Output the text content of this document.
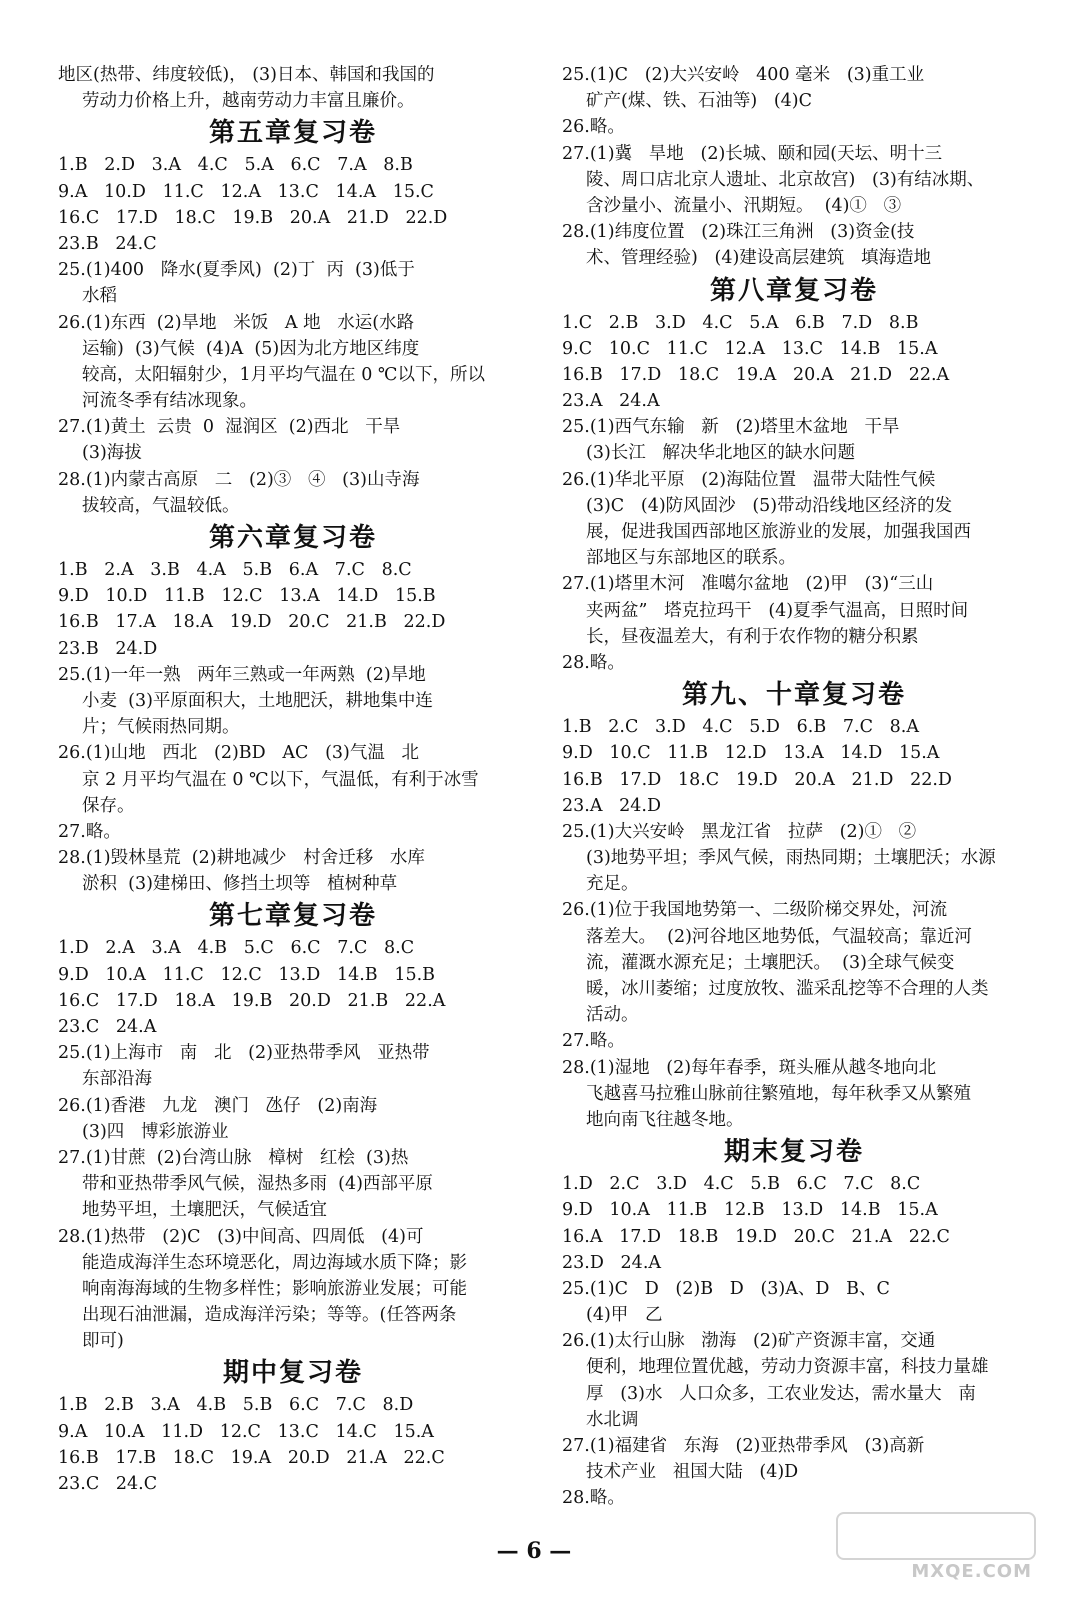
地区(热带、纬度较低)， (3)日本、韩国和我国的
劳动力价格上升，越南劳动力丰富且廉价。
第五章复习卷
1.B   2.D   3.A   4.C   5.A   6.C   7.A   8.B
9.A   10.D   11.C   12.A   13.C   14.A   15.C
16.C   17.D   18.C   19.B   20.A   21.D   22.D
23.B   24.C
25.(1)400   降水(夏季风)  (2)丁  丙  (3)低于
水稻
26.(1)东西  (2)旱地   米饭   A 地   水运(水路
运输)  (3)气候  (4)A  (5)因为北方地区纬度
较高，太阳辐射少，1月平均气温在 0 ℃以下，所以
河流冬季有结冰现象。
27.(1)黄土  云贵  0  湿润区  (2)西北   干旱
(3)海拔
28.(1)内蒙古高原   二   (2)③   ④   (3)山寺海
拔较高，气温较低。
第六章复习卷
1.B   2.A   3.B   4.A   5.B   6.A   7.C   8.C
9.D   10.D   11.B   12.C   13.A   14.D   15.B
16.B   17.A   18.A   19.D   20.C   21.B   22.D
23.B   24.D
25.(1)一年一熟   两年三熟或一年两熟  (2)旱地
小麦  (3)平原面积大，土地肥沃，耕地集中连
片；气候雨热同期。
26.(1)山地   西北   (2)BD   AC   (3)气温   北
京 2 月平均气温在 0 ℃以下，气温低，有利于冰雪
保存。
27.略。
28.(1)毁林垦荒  (2)耕地减少   村舍迁移   水库
淤积  (3)建梯田、修挡土坝等   植树种草
第七章复习卷
1.D   2.A   3.A   4.B   5.C   6.C   7.C   8.C
9.D   10.A   11.C   12.C   13.D   14.B   15.B
16.C   17.D   18.A   19.B   20.D   21.B   22.A
23.C   24.A
25.(1)上海市   南   北   (2)亚热带季风   亚热带
东部沿海
26.(1)香港   九龙   澳门   氹仔   (2)南海
(3)四   博彩旅游业
27.(1)甘蔗  (2)台湾山脉   樟树   红桧  (3)热
带和亚热带季风气候，湿热多雨  (4)西部平原
地势平坦，土壤肥沃，气候适宜
28.(1)热带   (2)C   (3)中间高、四周低   (4)可
能造成海洋生态环境恶化，周边海域水质下降；影
响南海海域的生物多样性；影响旅游业发展；可能
出现石油泄漏，造成海洋污染；等等。(任答两条
即可)
期中复习卷
1.B   2.B   3.A   4.B   5.B   6.C   7.C   8.D
9.A   10.A   11.D   12.C   13.C   14.C   15.A
16.B   17.B   18.C   19.A   20.D   21.A   22.C
23.C   24.C
25.(1)C   (2)大兴安岭   400 毫米   (3)重工业
矿产(煤、铁、石油等)   (4)C
26.略。
27.(1)冀   旱地   (2)长城、颐和园(天坛、明十三
陵、周口店北京人遗址、北京故宫)   (3)有结冰期、
含沙量小、流量小、汛期短。  (4)①   ③
28.(1)纬度位置   (2)珠江三角洲   (3)资金(技
术、管理经验)   (4)建设高层建筑   填海造地
第八章复习卷
1.C   2.B   3.D   4.C   5.A   6.B   7.D   8.B
9.C   10.C   11.C   12.A   13.C   14.B   15.A
16.B   17.D   18.C   19.A   20.A   21.D   22.A
23.A   24.A
25.(1)西气东输   新   (2)塔里木盆地   干旱
(3)长江   解决华北地区的缺水问题
26.(1)华北平原   (2)海陆位置   温带大陆性气候
(3)C   (4)防风固沙   (5)带动沿线地区经济的发
展，促进我国西部地区旅游业的发展，加强我国西
部地区与东部地区的联系。
27.(1)塔里木河   准噶尔盆地   (2)甲   (3)“三山
夹两盆”   塔克拉玛干   (4)夏季气温高，日照时间
长，昼夜温差大，有利于农作物的糖分积累
28.略。
第九、十章复习卷
1.B   2.C   3.D   4.C   5.D   6.B   7.C   8.A
9.D   10.C   11.B   12.D   13.A   14.D   15.A
16.B   17.D   18.C   19.D   20.A   21.D   22.D
23.A   24.D
25.(1)大兴安岭   黑龙江省   拉萨   (2)①   ②
(3)地势平坦；季风气候，雨热同期；土壤肥沃；水源
充足。
26.(1)位于我国地势第一、二级阶梯交界处，河流
落差大。  (2)河谷地区地势低，气温较高；靠近河
流，灌溉水源充足；土壤肥沃。  (3)全球气候变
暖，冰川萎缩；过度放牧、滥采乱挖等不合理的人类
活动。
27.略。
28.(1)湿地   (2)每年春季，斑头雁从越冬地向北
飞越喜马拉雅山脉前往繁殖地，每年秋季又从繁殖
地向南飞往越冬地。
期末复习卷
1.D   2.C   3.D   4.C   5.B   6.C   7.C   8.C
9.D   10.A   11.B   12.B   13.D   14.B   15.A
16.A   17.D   18.B   19.D   20.C   21.A   22.C
23.D   24.A
25.(1)C   D   (2)B   D   (3)A、D   B、C
(4)甲   乙
26.(1)太行山脉   渤海   (2)矿产资源丰富，交通
便利，地理位置优越，劳动力资源丰富，科技力量雄
厚   (3)水   人口众多，工农业发达，需水量大   南
水北调
27.(1)福建省   东海   (2)亚热带季风   (3)高新
技术产业   祖国大陆   (4)D
28.略。
— 6 —
MXQE.COM
